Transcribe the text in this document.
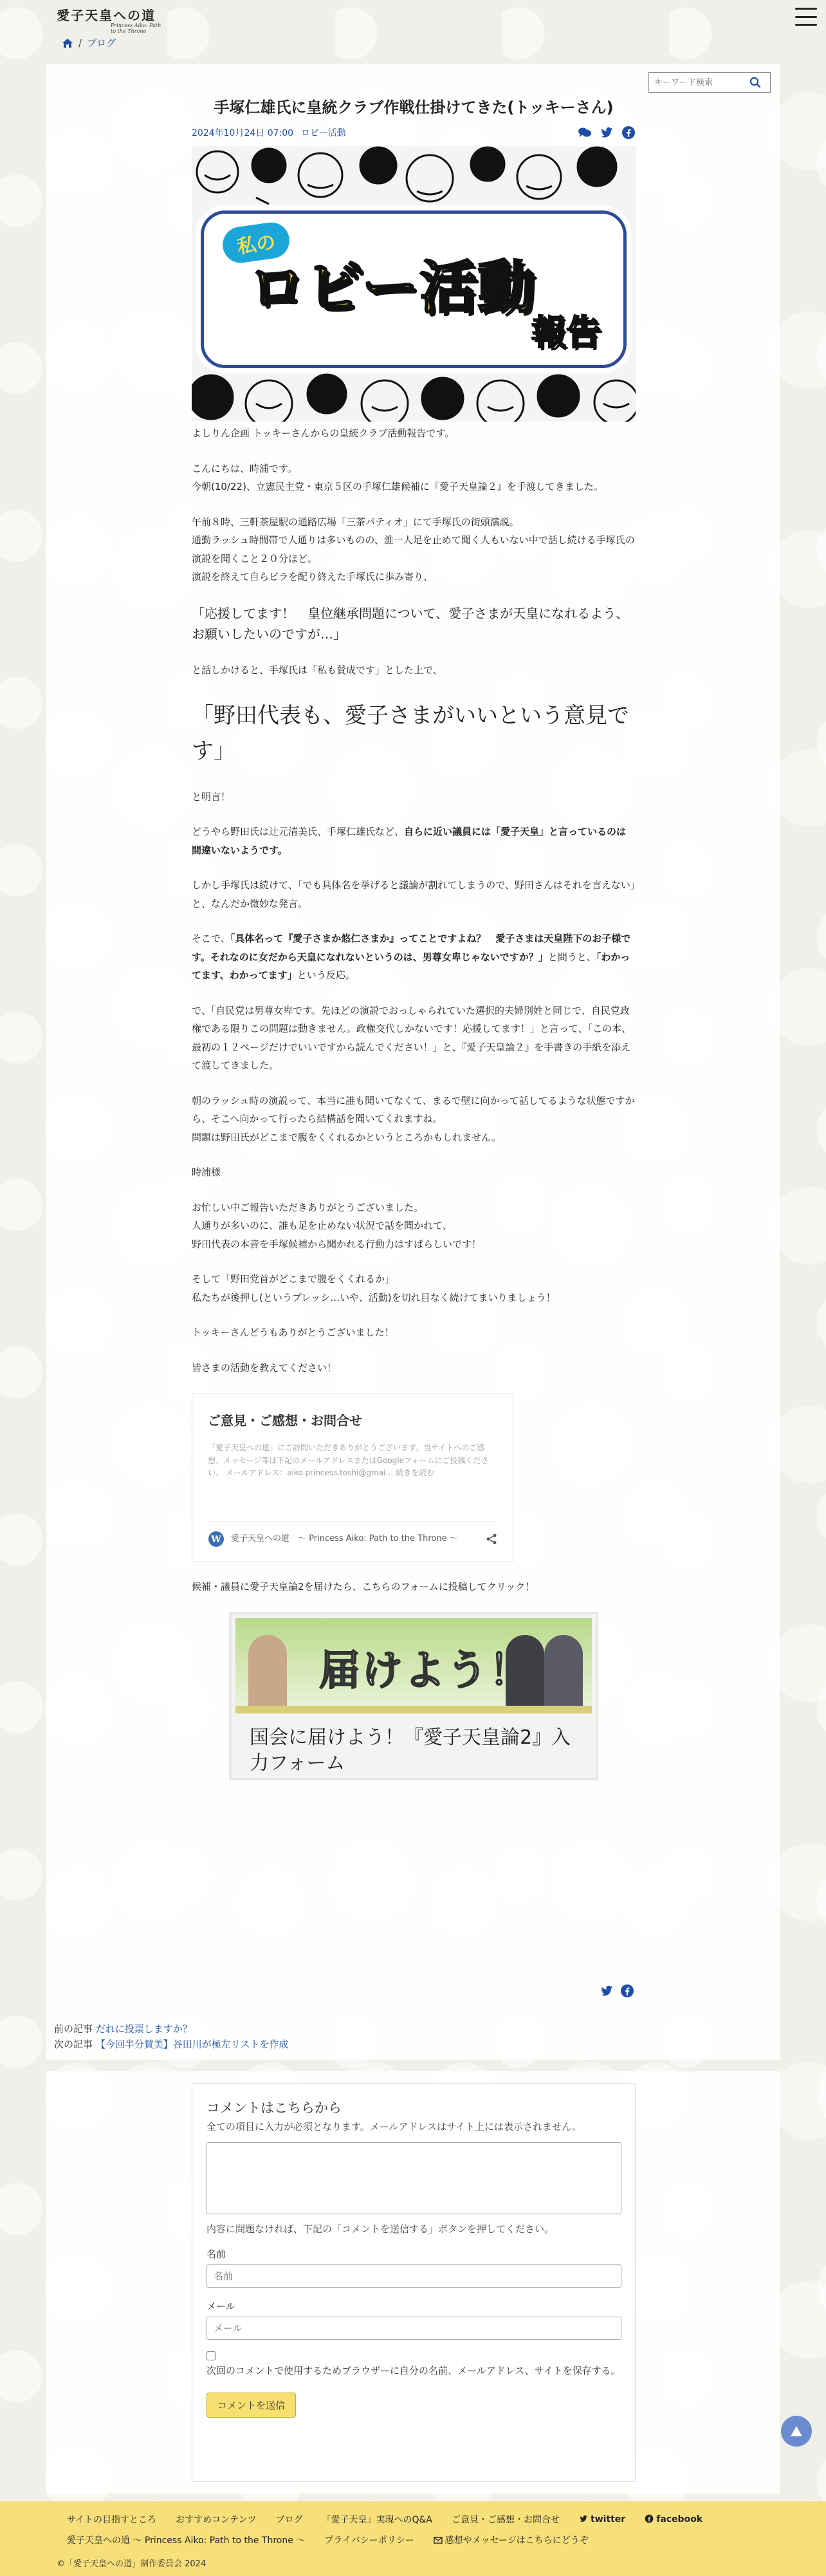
愛子天皇への道
Princess Aiko: Path to the Throne
/ ブログ
キーワード検索
手塚仁雄氏に皇統クラブ作戦仕掛けてきた(トッキーさん)
2024年10月24日 07:00 ロビー活動
私の
ロビー活動
報告

よしりん企画 トッキーさんからの皇統クラブ活動報告です。

こんにちは、時浦です。
今朝(10/22)、立憲民主党・東京５区の手塚仁雄候補に『愛子天皇論２』を手渡してきました。

午前８時、三軒茶屋駅の通路広場「三茶パティオ」にて手塚氏の街頭演説。
通勤ラッシュ時間帯で人通りは多いものの、誰一人足を止めて聞く人もいない中で話し続ける手塚氏の演説を聞くこと２０分ほど。
演説を終えて自らビラを配り終えた手塚氏に歩み寄り、

「応援してます！　皇位継承問題について、愛子さまが天皇になれるよう、お願いしたいのですが…」

と話しかけると、手塚氏は「私も賛成です」とした上で、

「野田代表も、愛子さまがいいという意見です」

と明言！

どうやら野田氏は辻元清美氏、手塚仁雄氏など、自らに近い議員には「愛子天皇」と言っているのは間違いないようです。

しかし手塚氏は続けて、「でも具体名を挙げると議論が割れてしまうので、野田さんはそれを言えない」と、なんだか微妙な発言。

そこで、「具体名って『愛子さまか悠仁さまか』ってことですよね？　愛子さまは天皇陛下のお子様です。それなのに女だから天皇になれないというのは、男尊女卑じゃないですか？」と問うと、「わかってます、わかってます」という反応。

で、「自民党は男尊女卑です。先ほどの演説でおっしゃられていた選択的夫婦別姓と同じで、自民党政権である限りこの問題は動きません。政権交代しかないです！応援してます！」と言って、「この本、最初の１２ページだけでいいですから読んでください！」と、『愛子天皇論２』を手書きの手紙を添えて渡してきました。

朝のラッシュ時の演説って、本当に誰も聞いてなくて、まるで壁に向かって話してるような状態ですから、そこへ向かって行ったら結構話を聞いてくれますね。
問題は野田氏がどこまで腹をくくれるかというところかもしれません。

時浦様

お忙しい中ご報告いただきありがとうございました。
人通りが多いのに、誰も足を止めない状況で話を聞かれて、
野田代表の本音を手塚候補から聞かれる行動力はすばらしいです！

そして「野田党首がどこまで腹をくくれるか」
私たちが後押し(というプレッシ…いや、活動)を切れ目なく続けてまいりましょう！

トッキーさんどうもありがとうございました！

皆さまの活動を教えてください！

ご意見・ご感想・お問合せ
「愛子天皇への道」にご訪問いただきありがとうございます。当サイトへのご感想、メッセージ等は下記のメールアドレスまたはGoogleフォームにご投稿ください。 メールアドレス：aiko.princess.toshi@gmai… 続きを読む
W 愛子天皇への道　〜 Princess Aiko: Path to the Throne 〜

候補・議員に愛子天皇論2を届けたら、こちらのフォームに投稿してクリック！

届けよう！
国会に届けよう！『愛子天皇論2』入力フォーム
前の記事 だれに投票しますか？
次の記事 【今回半分賛美】谷田川が極左リストを作成
コメントはこちらから
全ての項目に入力が必須となります。メールアドレスはサイト上には表示されません。
内容に問題なければ、下記の「コメントを送信する」ボタンを押してください。
名前
名前
メール
メール
次回のコメントで使用するためブラウザーに自分の名前、メールアドレス、サイトを保存する。
コメントを送信
サイトの目指すところ おすすめコンテンツ ブログ 「愛子天皇」実現へのQ&A ご意見・ご感想・お問合せ	twitter	facebook
愛子天皇への道 〜 Princess Aiko: Path to the Throne 〜 プライバシーポリシー	感想やメッセージはこちらにどうぞ
©「愛子天皇への道」制作委員会 2024
